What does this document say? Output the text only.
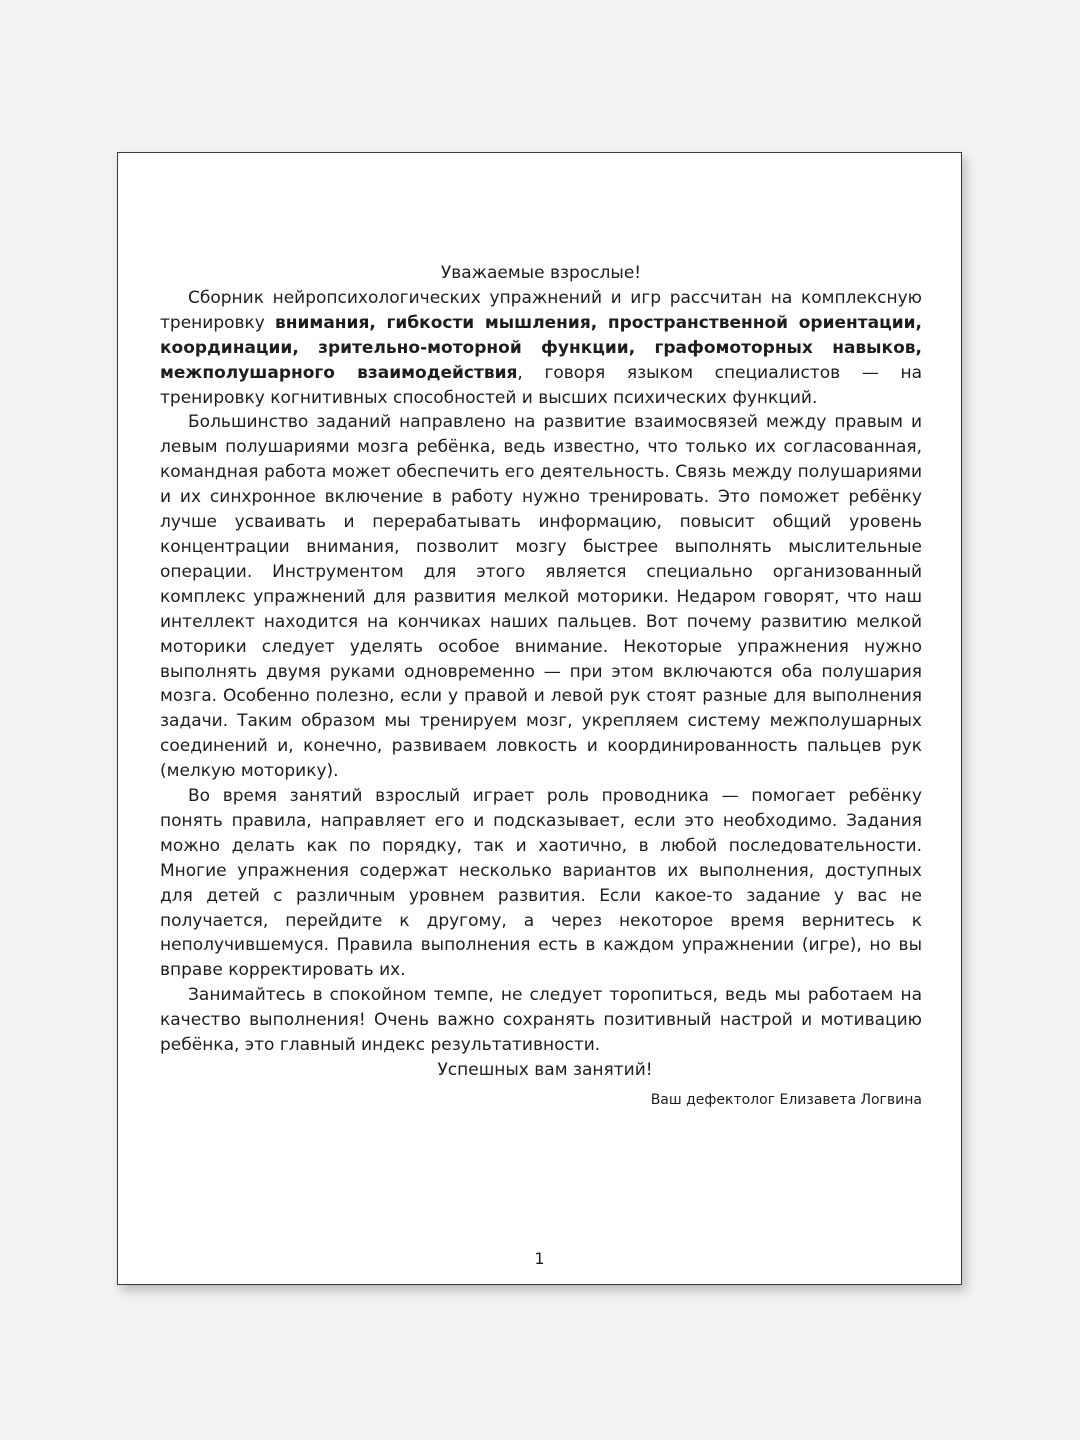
Уважаемые взрослые!

Сборник нейропсихологических упражнений и игр рассчитан на комплексную тренировку внимания, гибкости мышления, пространственной ориентации, координации, зрительно-моторной функции, графомоторных навыков, межполушарного взаимодействия, говоря языком специалистов — на тренировку когнитивных способностей и высших психических функций.

Большинство заданий направлено на развитие взаимосвязей между правым и левым полушариями мозга ребёнка, ведь известно, что только их согласованная, командная работа может обеспечить его деятельность. Связь между полушариями и их синхронное включение в работу нужно тренировать. Это поможет ребёнку лучше усваивать и перерабатывать информацию, повысит общий уровень концентрации внимания, позволит мозгу быстрее выполнять мыслительные операции. Инструментом для этого является специально организованный комплекс упражнений для развития мелкой моторики. Недаром говорят, что наш интеллект находится на кончиках наших пальцев. Вот почему развитию мелкой моторики следует уделять особое внимание. Некоторые упражнения нужно выполнять двумя руками одновременно — при этом включаются оба полушария мозга. Особенно полезно, если у правой и левой рук стоят разные для выполнения задачи. Таким образом мы тренируем мозг, укрепляем систему межполушарных соединений и, конечно, развиваем ловкость и координированность пальцев рук (мелкую моторику).

Во время занятий взрослый играет роль проводника — помогает ребёнку понять правила, направляет его и подсказывает, если это необходимо. Задания можно делать как по порядку, так и хаотично, в любой последовательности. Многие упражнения содержат несколько вариантов их выполнения, доступных для детей с различным уровнем развития. Если какое-то задание у вас не получается, перейдите к другому, а через некоторое время вернитесь к неполучившемуся. Правила выполнения есть в каждом упражнении (игре), но вы вправе корректировать их.

Занимайтесь в спокойном темпе, не следует торопиться, ведь мы работаем на качество выполнения! Очень важно сохранять позитивный настрой и мотивацию ребёнка, это главный индекс результативности.

Успешных вам занятий!
Ваш дефектолог Елизавета Логвина
1
